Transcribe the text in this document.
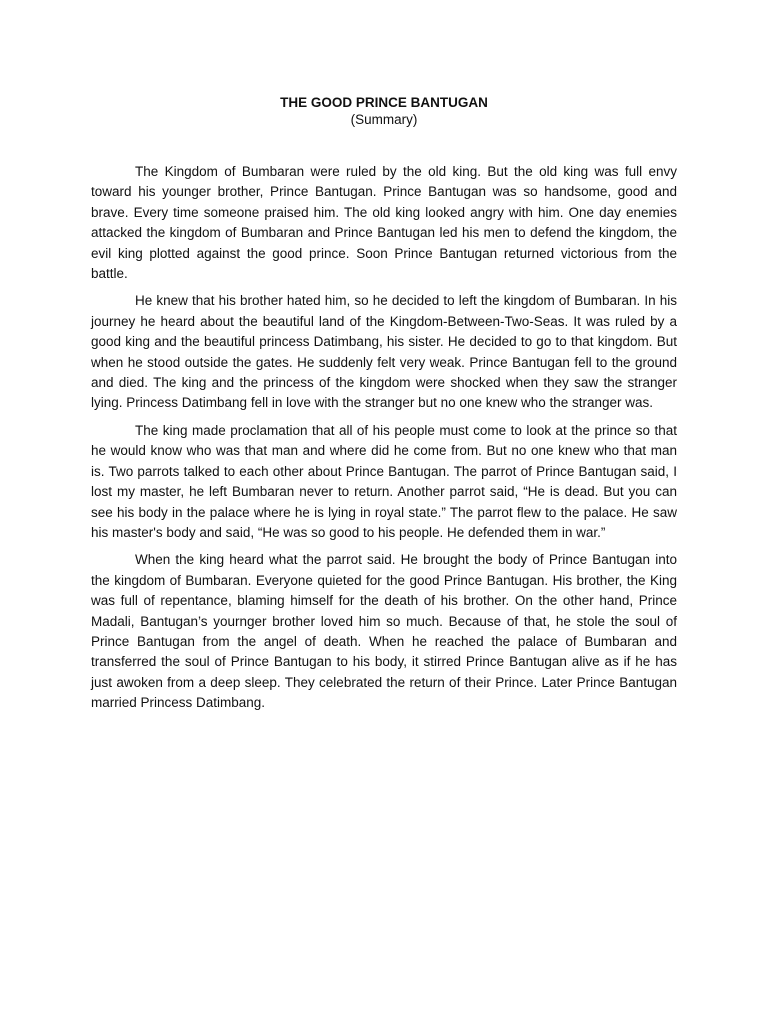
THE GOOD PRINCE BANTUGAN
(Summary)

The Kingdom of Bumbaran were ruled by the old king. But the old king was full envy toward his younger brother, Prince Bantugan. Prince Bantugan was so handsome, good and brave. Every time someone praised him. The old king looked angry with him. One day enemies attacked the kingdom of Bumbaran and Prince Bantugan led his men to defend the kingdom, the evil king plotted against the good prince. Soon Prince Bantugan returned victorious from the battle.

He knew that his brother hated him, so he decided to left the kingdom of Bumbaran. In his journey he heard about the beautiful land of the Kingdom-Between-Two-Seas. It was ruled by a good king and the beautiful princess Datimbang, his sister. He decided to go to that kingdom. But when he stood outside the gates. He suddenly felt very weak. Prince Bantugan fell to the ground and died. The king and the princess of the kingdom were shocked when they saw the stranger lying. Princess Datimbang fell in love with the stranger but no one knew who the stranger was.

The king made proclamation that all of his people must come to look at the prince so that he would know who was that man and where did he come from. But no one knew who that man is. Two parrots talked to each other about Prince Bantugan. The parrot of Prince Bantugan said, I lost my master, he left Bumbaran never to return. Another parrot said, “He is dead. But you can see his body in the palace where he is lying in royal state.” The parrot flew to the palace. He saw his master's body and said, “He was so good to his people. He defended them in war.”

When the king heard what the parrot said. He brought the body of Prince Bantugan into the kingdom of Bumbaran. Everyone quieted for the good Prince Bantugan. His brother, the King was full of repentance, blaming himself for the death of his brother. On the other hand, Prince Madali, Bantugan’s yournger brother loved him so much. Because of that, he stole the soul of Prince Bantugan from the angel of death. When he reached the palace of Bumbaran and transferred the soul of Prince Bantugan to his body, it stirred Prince Bantugan alive as if he has just awoken from a deep sleep. They celebrated the return of their Prince. Later Prince Bantugan married Princess Datimbang.
